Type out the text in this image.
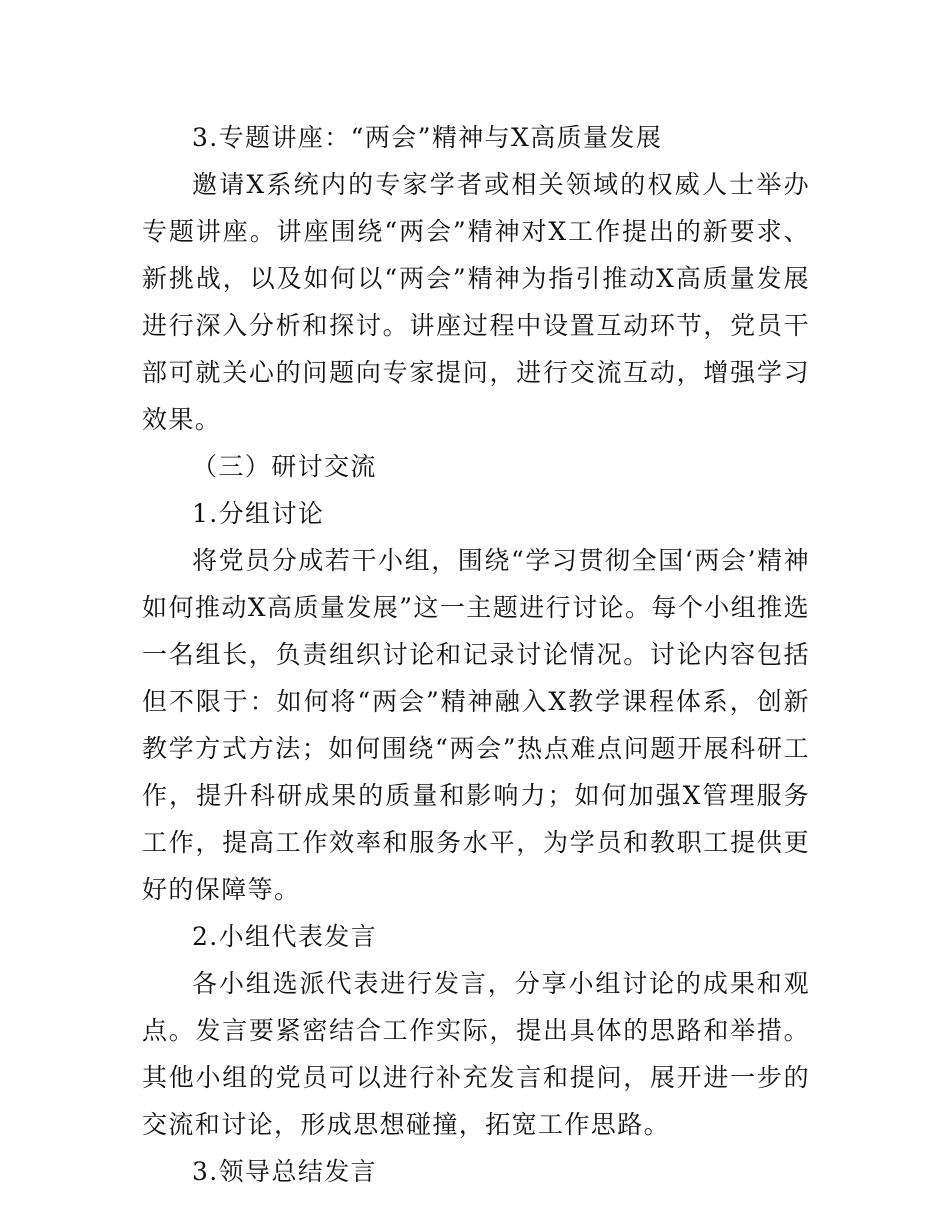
3.专题讲座：“两会”精神与X高质量发展

邀请X系统内的专家学者或相关领域的权威人士举办专题讲座。讲座围绕“两会”精神对X工作提出的新要求、新挑战，以及如何以“两会”精神为指引推动X高质量发展进行深入分析和探讨。讲座过程中设置互动环节，党员干部可就关心的问题向专家提问，进行交流互动，增强学习效果。

（三）研讨交流

1.分组讨论

将党员分成若干小组，围绕“学习贯彻全国‘两会’精神如何推动X高质量发展”这一主题进行讨论。每个小组推选一名组长，负责组织讨论和记录讨论情况。讨论内容包括但不限于：如何将“两会”精神融入X教学课程体系，创新教学方式方法；如何围绕“两会”热点难点问题开展科研工作，提升科研成果的质量和影响力；如何加强X管理服务工作，提高工作效率和服务水平，为学员和教职工提供更好的保障等。

2.小组代表发言

各小组选派代表进行发言，分享小组讨论的成果和观点。发言要紧密结合工作实际，提出具体的思路和举措。其他小组的党员可以进行补充发言和提问，展开进一步的交流和讨论，形成思想碰撞，拓宽工作思路。

3.领导总结发言
